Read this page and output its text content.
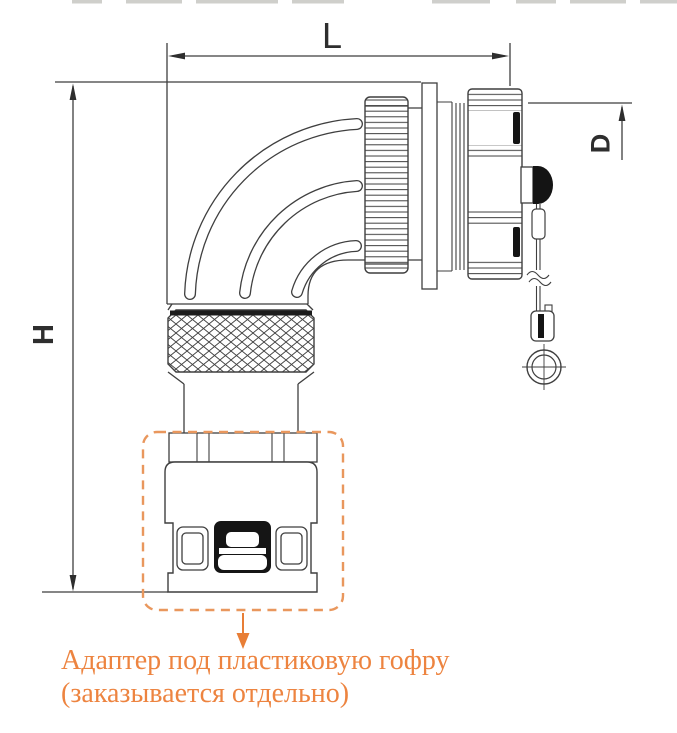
L
H
D
Адаптер под пластиковую гофру
(заказывается отдельно)
